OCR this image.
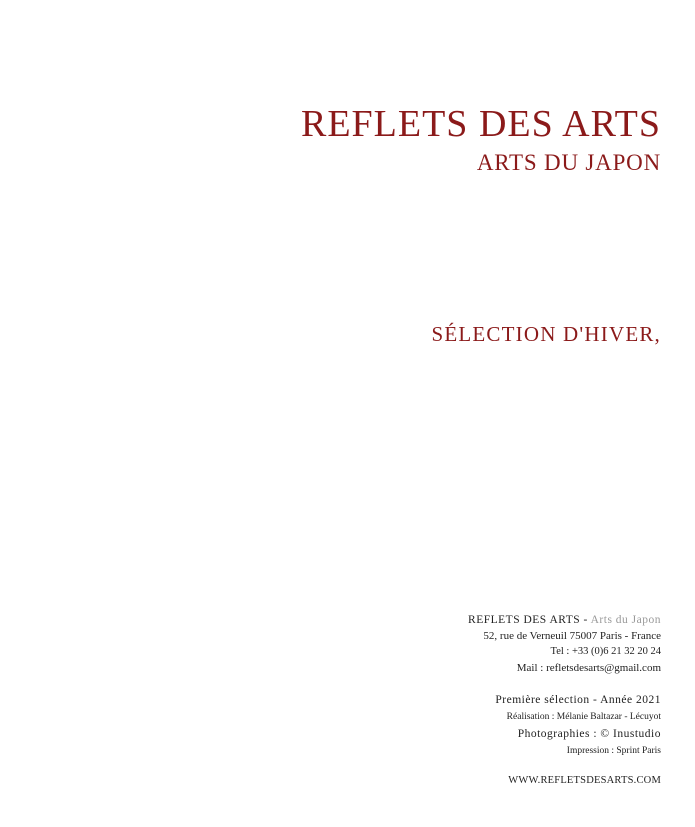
REFLETS DES ARTS
ARTS DU JAPON
SÉLECTION D'HIVER,
REFLETS DES ARTS - Arts du Japon
52, rue de Verneuil 75007 Paris - France
Tel : +33 (0)6 21 32 20 24
Mail : refletsdesarts@gmail.com
Première sélection - Année 2021
Réalisation : Mélanie Baltazar - Lécuyot
Photographies : © Inustudio
Impression : Sprint Paris
WWW.REFLETSDESARTS.COM
